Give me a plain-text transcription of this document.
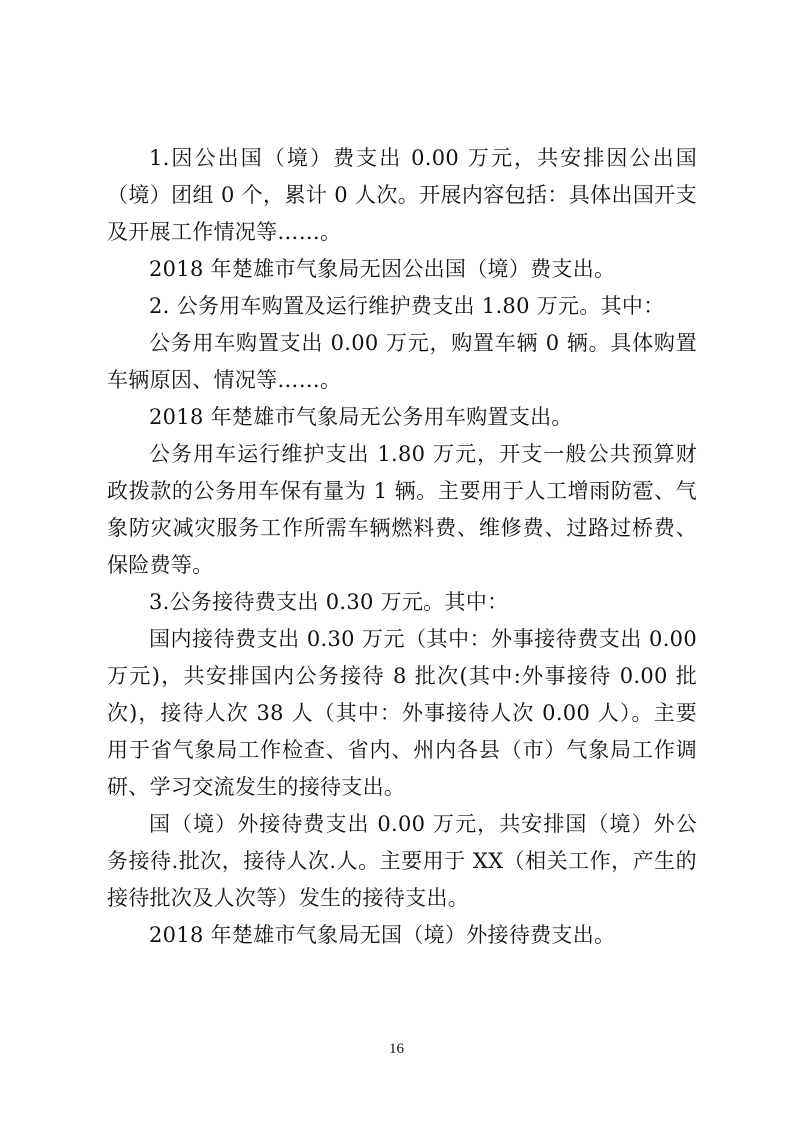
1.因公出国（境）费支出 0.00 万元，共安排因公出国（境）团组 0 个，累计 0 人次。开展内容包括：具体出国开支及开展工作情况等……。

2018 年楚雄市气象局无因公出国（境）费支出。

2. 公务用车购置及运行维护费支出 1.80 万元。其中：

公务用车购置支出 0.00 万元，购置车辆 0 辆。具体购置车辆原因、情况等……。

2018 年楚雄市气象局无公务用车购置支出。

公务用车运行维护支出 1.80 万元，开支一般公共预算财政拨款的公务用车保有量为 1 辆。主要用于人工增雨防雹、气象防灾减灾服务工作所需车辆燃料费、维修费、过路过桥费、保险费等。

3.公务接待费支出 0.30 万元。其中：

国内接待费支出 0.30 万元（其中：外事接待费支出 0.00 万元)，共安排国内公务接待 8 批次(其中:外事接待 0.00 批次)，接待人次 38 人（其中：外事接待人次 0.00 人）。主要用于省气象局工作检查、省内、州内各县（市）气象局工作调研、学习交流发生的接待支出。

国（境）外接待费支出 0.00 万元，共安排国（境）外公务接待.批次，接待人次.人。主要用于 XX（相关工作，产生的接待批次及人次等）发生的接待支出。

2018 年楚雄市气象局无国（境）外接待费支出。

16
